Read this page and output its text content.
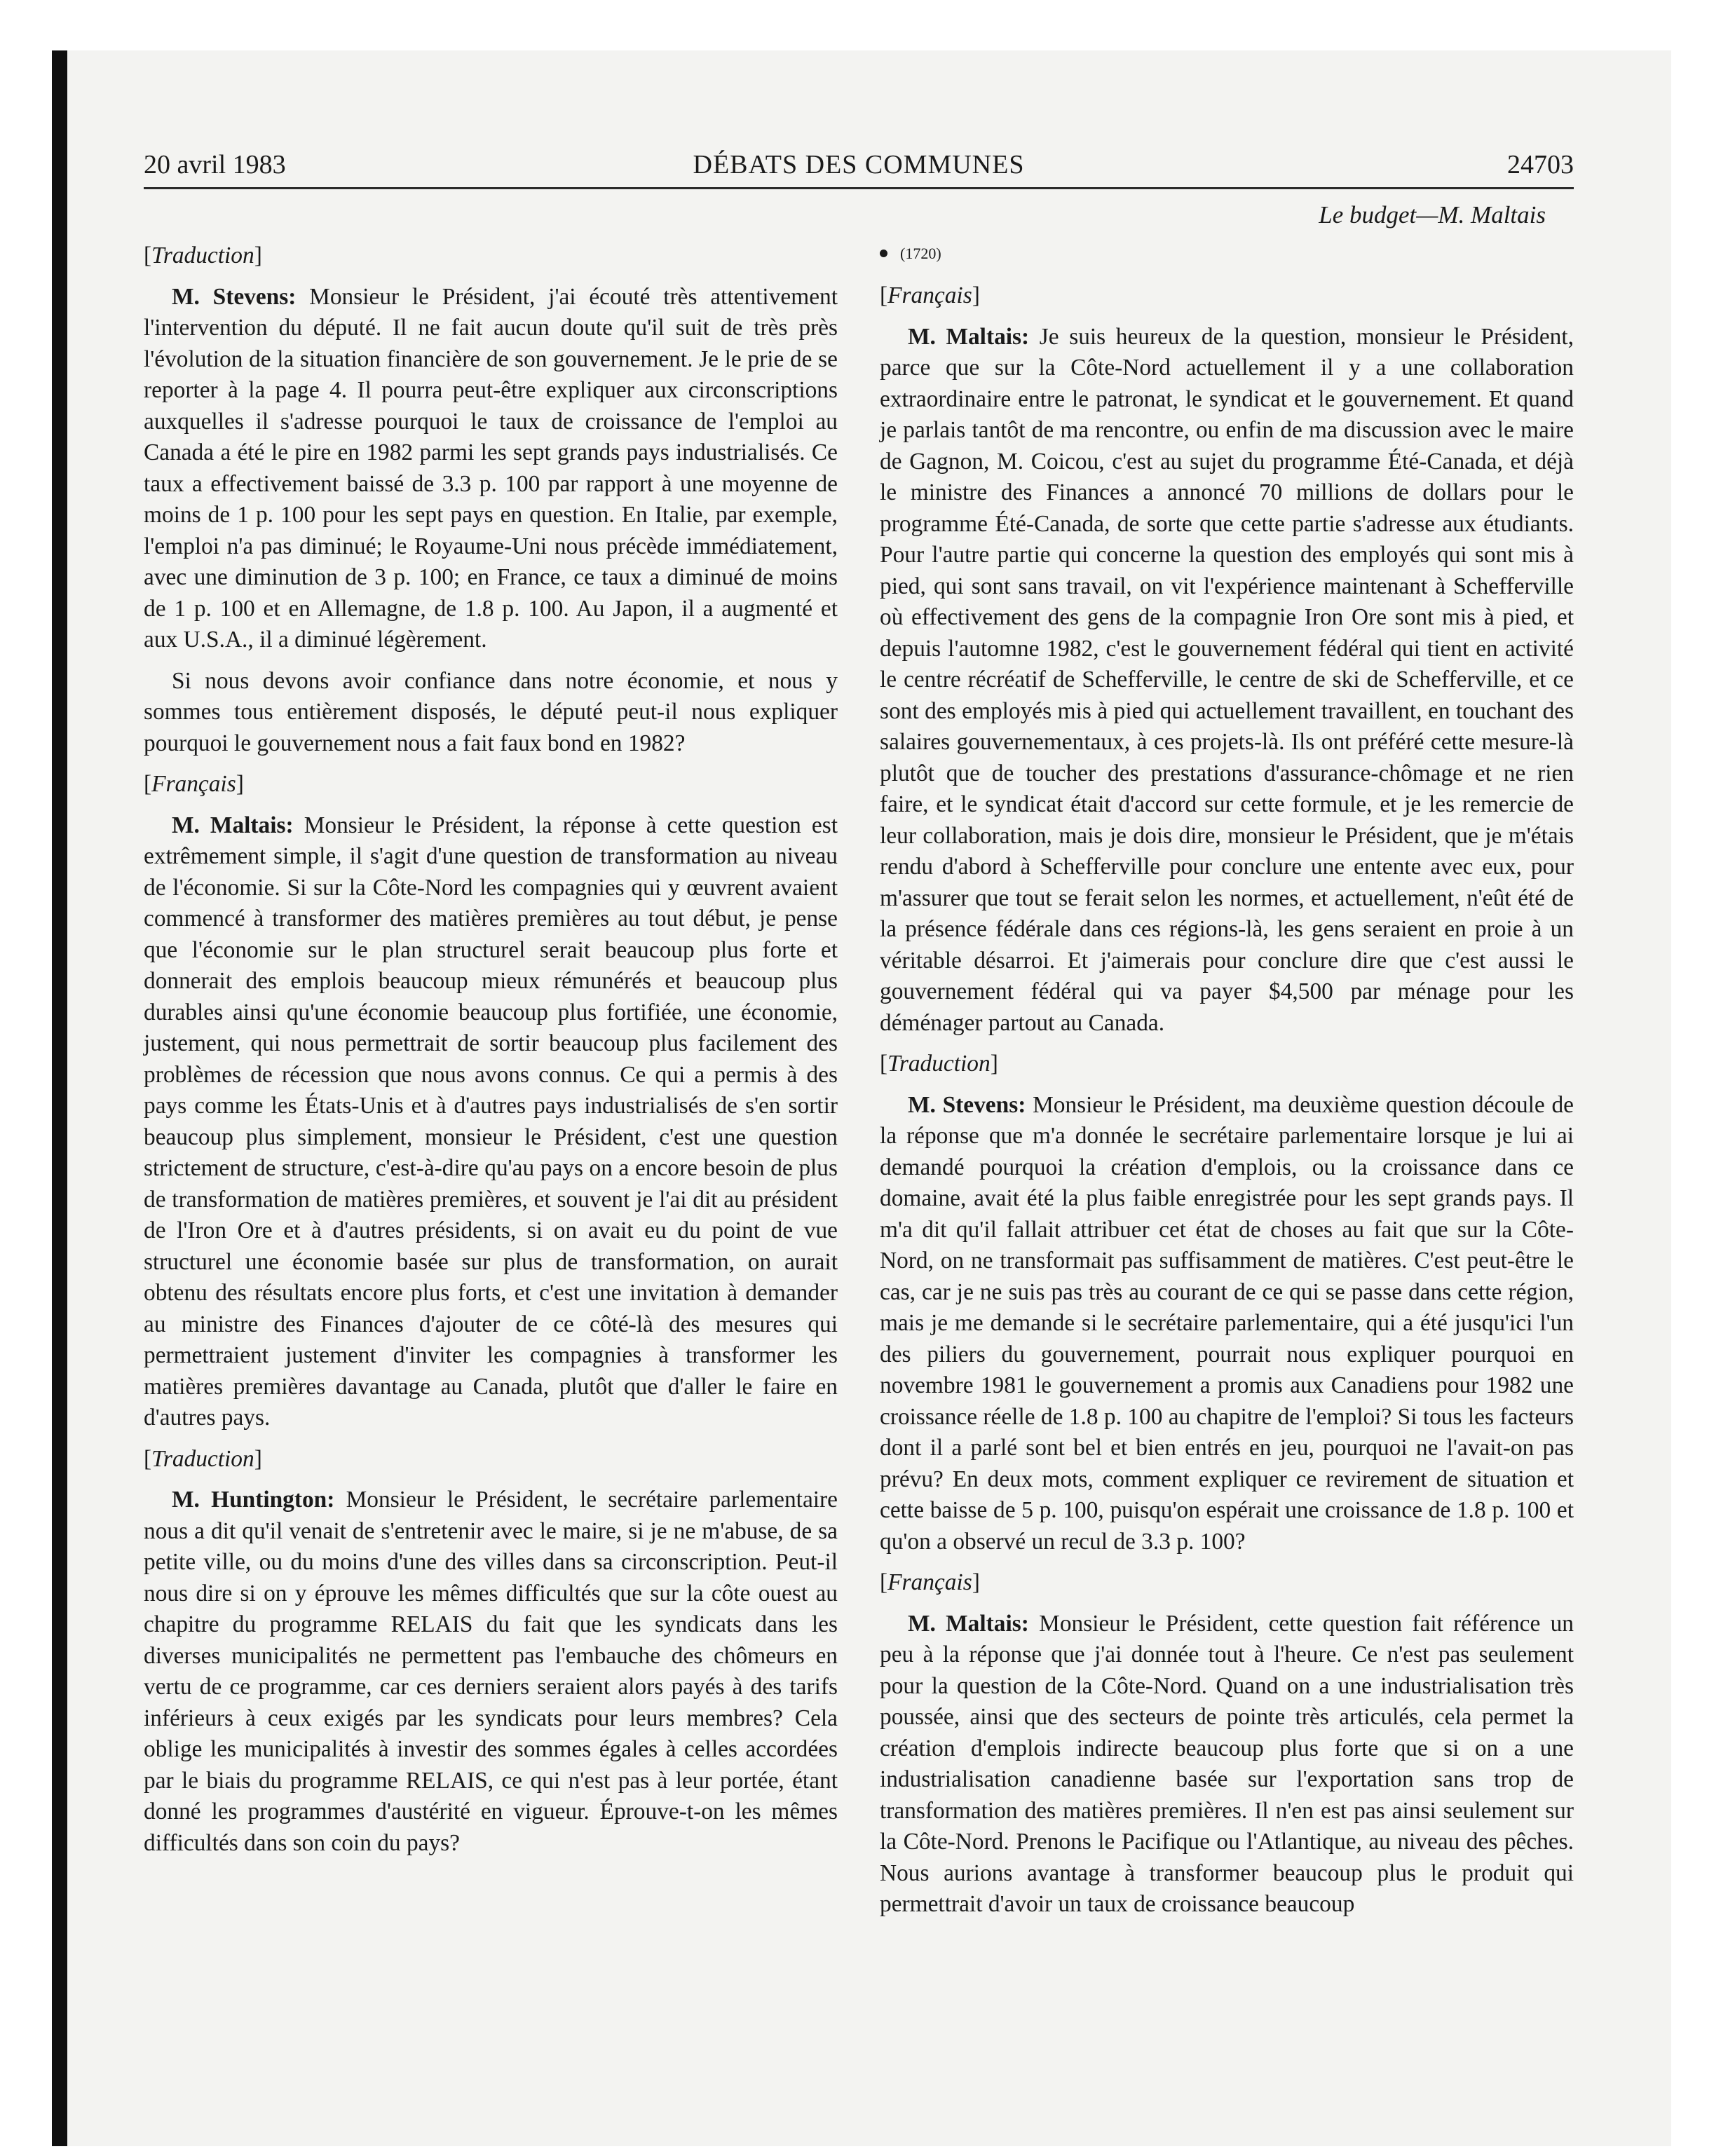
20 avril 1983	DÉBATS DES COMMUNES	24703

[Traduction]

M. Stevens: Monsieur le Président, j'ai écouté très attentivement l'intervention du député. Il ne fait aucun doute qu'il suit de très près l'évolution de la situation financière de son gouvernement. Je le prie de se reporter à la page 4. Il pourra peut-être expliquer aux circonscriptions auxquelles il s'adresse pourquoi le taux de croissance de l'emploi au Canada a été le pire en 1982 parmi les sept grands pays industrialisés. Ce taux a effectivement baissé de 3.3 p. 100 par rapport à une moyenne de moins de 1 p. 100 pour les sept pays en question. En Italie, par exemple, l'emploi n'a pas diminué; le Royaume-Uni nous précède immédiatement, avec une diminution de 3 p. 100; en France, ce taux a diminué de moins de 1 p. 100 et en Allemagne, de 1.8 p. 100. Au Japon, il a augmenté et aux U.S.A., il a diminué légèrement.

Si nous devons avoir confiance dans notre économie, et nous y sommes tous entièrement disposés, le député peut-il nous expliquer pourquoi le gouvernement nous a fait faux bond en 1982?

[Français]

M. Maltais: Monsieur le Président, la réponse à cette question est extrêmement simple, il s'agit d'une question de transformation au niveau de l'économie. Si sur la Côte-Nord les compagnies qui y œuvrent avaient commencé à transformer des matières premières au tout début, je pense que l'économie sur le plan structurel serait beaucoup plus forte et donnerait des emplois beaucoup mieux rémunérés et beaucoup plus durables ainsi qu'une économie beaucoup plus fortifiée, une économie, justement, qui nous permettrait de sortir beaucoup plus facilement des problèmes de récession que nous avons connus. Ce qui a permis à des pays comme les États-Unis et à d'autres pays industrialisés de s'en sortir beaucoup plus simplement, monsieur le Président, c'est une question strictement de structure, c'est-à-dire qu'au pays on a encore besoin de plus de transformation de matières premières, et souvent je l'ai dit au président de l'Iron Ore et à d'autres présidents, si on avait eu du point de vue structurel une économie basée sur plus de transformation, on aurait obtenu des résultats encore plus forts, et c'est une invitation à demander au ministre des Finances d'ajouter de ce côté-là des mesures qui permettraient justement d'inviter les compagnies à transformer les matières premières davantage au Canada, plutôt que d'aller le faire en d'autres pays.

[Traduction]

M. Huntington: Monsieur le Président, le secrétaire parlementaire nous a dit qu'il venait de s'entretenir avec le maire, si je ne m'abuse, de sa petite ville, ou du moins d'une des villes dans sa circonscription. Peut-il nous dire si on y éprouve les mêmes difficultés que sur la côte ouest au chapitre du programme RELAIS du fait que les syndicats dans les diverses municipalités ne permettent pas l'embauche des chômeurs en vertu de ce programme, car ces derniers seraient alors payés à des tarifs inférieurs à ceux exigés par les syndicats pour leurs membres? Cela oblige les municipalités à investir des sommes égales à celles accordées par le biais du programme RELAIS, ce qui n'est pas à leur portée, étant donné les programmes d'austérité en vigueur. Éprouve-t-on les mêmes difficultés dans son coin du pays?

Le budget—M. Maltais
(1720)

[Français]

M. Maltais: Je suis heureux de la question, monsieur le Président, parce que sur la Côte-Nord actuellement il y a une collaboration extraordinaire entre le patronat, le syndicat et le gouvernement. Et quand je parlais tantôt de ma rencontre, ou enfin de ma discussion avec le maire de Gagnon, M. Coicou, c'est au sujet du programme Été-Canada, et déjà le ministre des Finances a annoncé 70 millions de dollars pour le programme Été-Canada, de sorte que cette partie s'adresse aux étudiants. Pour l'autre partie qui concerne la question des employés qui sont mis à pied, qui sont sans travail, on vit l'expérience maintenant à Schefferville où effectivement des gens de la compagnie Iron Ore sont mis à pied, et depuis l'automne 1982, c'est le gouvernement fédéral qui tient en activité le centre récréatif de Schefferville, le centre de ski de Schefferville, et ce sont des employés mis à pied qui actuellement travaillent, en touchant des salaires gouvernementaux, à ces projets-là. Ils ont préféré cette mesure-là plutôt que de toucher des prestations d'assurance-chômage et ne rien faire, et le syndicat était d'accord sur cette formule, et je les remercie de leur collaboration, mais je dois dire, monsieur le Président, que je m'étais rendu d'abord à Schefferville pour conclure une entente avec eux, pour m'assurer que tout se ferait selon les normes, et actuellement, n'eût été de la présence fédérale dans ces régions-là, les gens seraient en proie à un véritable désarroi. Et j'aimerais pour conclure dire que c'est aussi le gouvernement fédéral qui va payer $4,500 par ménage pour les déménager partout au Canada.

[Traduction]

M. Stevens: Monsieur le Président, ma deuxième question découle de la réponse que m'a donnée le secrétaire parlementaire lorsque je lui ai demandé pourquoi la création d'emplois, ou la croissance dans ce domaine, avait été la plus faible enregistrée pour les sept grands pays. Il m'a dit qu'il fallait attribuer cet état de choses au fait que sur la Côte-Nord, on ne transformait pas suffisamment de matières. C'est peut-être le cas, car je ne suis pas très au courant de ce qui se passe dans cette région, mais je me demande si le secrétaire parlementaire, qui a été jusqu'ici l'un des piliers du gouvernement, pourrait nous expliquer pourquoi en novembre 1981 le gouvernement a promis aux Canadiens pour 1982 une croissance réelle de 1.8 p. 100 au chapitre de l'emploi? Si tous les facteurs dont il a parlé sont bel et bien entrés en jeu, pourquoi ne l'avait-on pas prévu? En deux mots, comment expliquer ce revirement de situation et cette baisse de 5 p. 100, puisqu'on espérait une croissance de 1.8 p. 100 et qu'on a observé un recul de 3.3 p. 100?

[Français]

M. Maltais: Monsieur le Président, cette question fait référence un peu à la réponse que j'ai donnée tout à l'heure. Ce n'est pas seulement pour la question de la Côte-Nord. Quand on a une industrialisation très poussée, ainsi que des secteurs de pointe très articulés, cela permet la création d'emplois indirecte beaucoup plus forte que si on a une industrialisation canadienne basée sur l'exportation sans trop de transformation des matières premières. Il n'en est pas ainsi seulement sur la Côte-Nord. Prenons le Pacifique ou l'Atlantique, au niveau des pêches. Nous aurions avantage à transformer beaucoup plus le produit qui permettrait d'avoir un taux de croissance beaucoup
